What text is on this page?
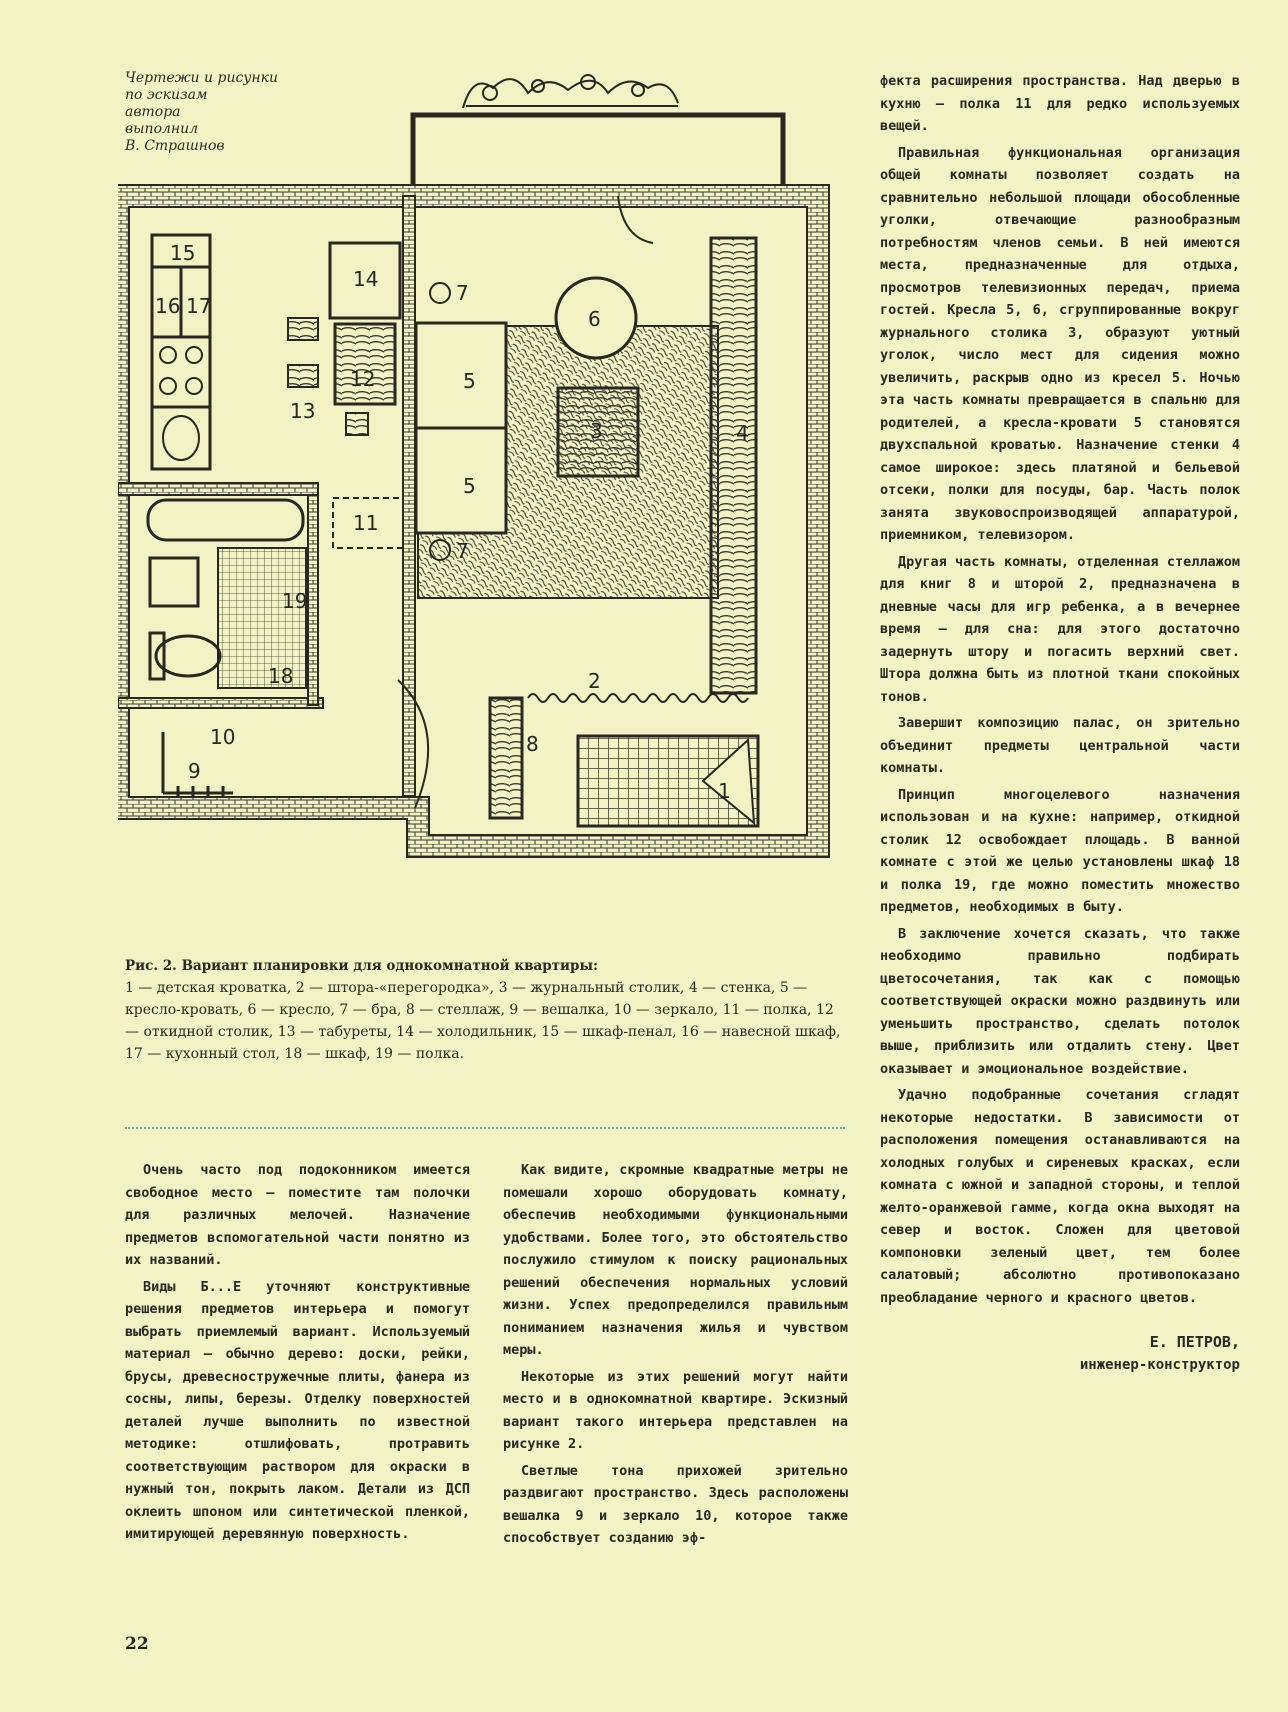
Чертежи и рисунки
по эскизам
автора
выполнил
В. Страшнов
15
16 17
14
7
6
12
13
5
3	4
5
11
7
19
18	2
10	8
9
1
Рис. 2. Вариант планировки для однокомнатной квартиры:
1 — детская кроватка, 2 — штора-«перегородка», 3 — журнальный столик, 4 — стенка, 5 — кресло-кровать, 6 — кресло, 7 — бра, 8 — стеллаж, 9 — вешалка, 10 — зеркало, 11 — полка, 12 — откидной столик, 13 — табуреты, 14 — холодильник, 15 — шкаф-пенал, 16 — навесной шкаф, 17 — кухонный стол, 18 — шкаф, 19 — полка.

Очень часто под подоконником имеется свободное место — поместите там полочки для различных мелочей. Назначение предметов вспомогательной части понятно из их названий.

Виды Б...Е уточняют конструктивные решения предметов интерьера и помогут выбрать приемлемый вариант. Используемый материал — обычно дерево: доски, рейки, брусы, древесностружечные плиты, фанера из сосны, липы, березы. Отделку поверхностей деталей лучше выполнить по известной методике: отшлифовать, протравить соответствующим раствором для окраски в нужный тон, покрыть лаком. Детали из ДСП оклеить шпоном или синтетической пленкой, имитирующей деревянную поверхность.

Как видите, скромные квадратные метры не помешали хорошо оборудовать комнату, обеспечив необходимыми функциональными удобствами. Более того, это обстоятельство послужило стимулом к поиску рациональных решений обеспечения нормальных условий жизни. Успех предопределился правильным пониманием назначения жилья и чувством меры.

Некоторые из этих решений могут найти место и в однокомнатной квартире. Эскизный вариант такого интерьера представлен на рисунке 2.

Светлые тона прихожей зрительно раздвигают пространство. Здесь расположены вешалка 9 и зеркало 10, которое также способствует созданию эф-

фекта расширения пространства. Над дверью в кухню — полка 11 для редко используемых вещей.

Правильная функциональная организация общей комнаты позволяет создать на сравнительно небольшой площади обособленные уголки, отвечающие разнообразным потребностям членов семьи. В ней имеются места, предназначенные для отдыха, просмотров телевизионных передач, приема гостей. Кресла 5, 6, сгруппированные вокруг журнального столика 3, образуют уютный уголок, число мест для сидения можно увеличить, раскрыв одно из кресел 5. Ночью эта часть комнаты превращается в спальню для родителей, а кресла-кровати 5 становятся двухспальной кроватью. Назначение стенки 4 самое широкое: здесь платяной и бельевой отсеки, полки для посуды, бар. Часть полок занята звуковоспроизводящей аппаратурой, приемником, телевизором.

Другая часть комнаты, отделенная стеллажом для книг 8 и шторой 2, предназначена в дневные часы для игр ребенка, а в вечернее время — для сна: для этого достаточно задернуть штору и погасить верхний свет. Штора должна быть из плотной ткани спокойных тонов.

Завершит композицию палас, он зрительно объединит предметы центральной части комнаты.

Принцип многоцелевого назначения использован и на кухне: например, откидной столик 12 освобождает площадь. В ванной комнате с этой же целью установлены шкаф 18 и полка 19, где можно поместить множество предметов, необходимых в быту.

В заключение хочется сказать, что также необходимо правильно подбирать цветосочетания, так как с помощью соответствующей окраски можно раздвинуть или уменьшить пространство, сделать потолок выше, приблизить или отдалить стену. Цвет оказывает и эмоциональное воздействие.

Удачно подобранные сочетания сгладят некоторые недостатки. В зависимости от расположения помещения останавливаются на холодных голубых и сиреневых красках, если комната с южной и западной стороны, и теплой желто-оранжевой гамме, когда окна выходят на север и восток. Сложен для цветовой компоновки зеленый цвет, тем более салатовый; абсолютно противопоказано преобладание черного и красного цветов.

Е. ПЕТРОВ,
инженер-конструктор
22
